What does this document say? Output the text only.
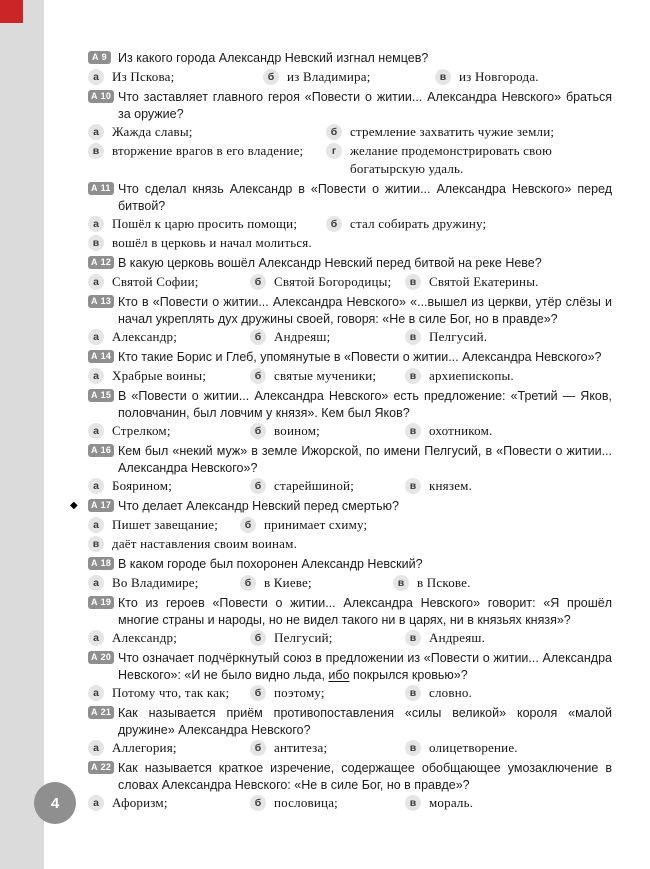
4
А 9 Из какого города Александр Невский изгнал немцев?
а	Из Пскова;	б из Владимира;	в из Новгорода.
А 10 Что заставляет главного героя «Повести о житии... Александра Невского» браться за оружие?
а	Жажда славы;	б стремление захватить чужие земли;
в вторжение врагов в его владение;	г	желание продемонстрировать свою богатырскую удаль.
А 11 Что сделал князь Александр в «Повести о житии... Александра Невского» перед битвой?
а	Пошёл к царю просить помощи;	б стал собирать дружину;
в вошёл в церковь и начал молиться.
А 12 В какую церковь вошёл Александр Невский перед битвой на реке Неве?
а	Святой Софии;	б Святой Богородицы;	в Святой Екатерины.
А 13 Кто в «Повести о житии... Александра Невского» «...вышел из церкви, утёр слёзы и начал укреплять дух дружины своей, говоря: «Не в силе Бог, но в правде»?
а	Александр;	б Андреяш;	в Пелгусий.
А 14 Кто такие Борис и Глеб, упомянутые в «Повести о житии... Александра Невского»?
а	Храбрые воины;	б святые мученики;	в архиепископы.
А 15 В «Повести о житии... Александра Невского» есть предложение: «Третий — Яков, половчанин, был ловчим у князя». Кем был Яков?
а	Стрелком;	б воином;	в охотником.
А 16 Кем был «некий муж» в земле Ижорской, по имени Пелгусий, в «Повести о житии... Александра Невского»?
а	Боярином;	б старейшиной;	в князем.
◆	А 17 Что делает Александр Невский перед смертью?
а	Пишет завещание;	б принимает схиму;
в даёт наставления своим воинам.
А 18 В каком городе был похоронен Александр Невский?
а	Во Владимире;	б в Киеве;	в в Пскове.
А 19 Кто из героев «Повести о житии... Александра Невского» говорит: «Я прошёл многие страны и народы, но не видел такого ни в царях, ни в князьях князя»?
а	Александр;	б Пелгусий;	в Андреяш.
А 20 Что означает подчёркнутый союз в предложении из «Повести о житии... Александра Невского»: «И не было видно льда, ибо покрылся кровью»?
а	Потому что, так как;	б поэтому;	в словно.
А 21 Как называется приём противопоставления «силы великой» короля «малой дружине» Александра Невского?
а	Аллегория;	б антитеза;	в олицетворение.
А 22 Как называется краткое изречение, содержащее обобщающее умозаключение в словах Александра Невского: «Не в силе Бог, но в правде»?
а	Афоризм;	б пословица;	в мораль.
